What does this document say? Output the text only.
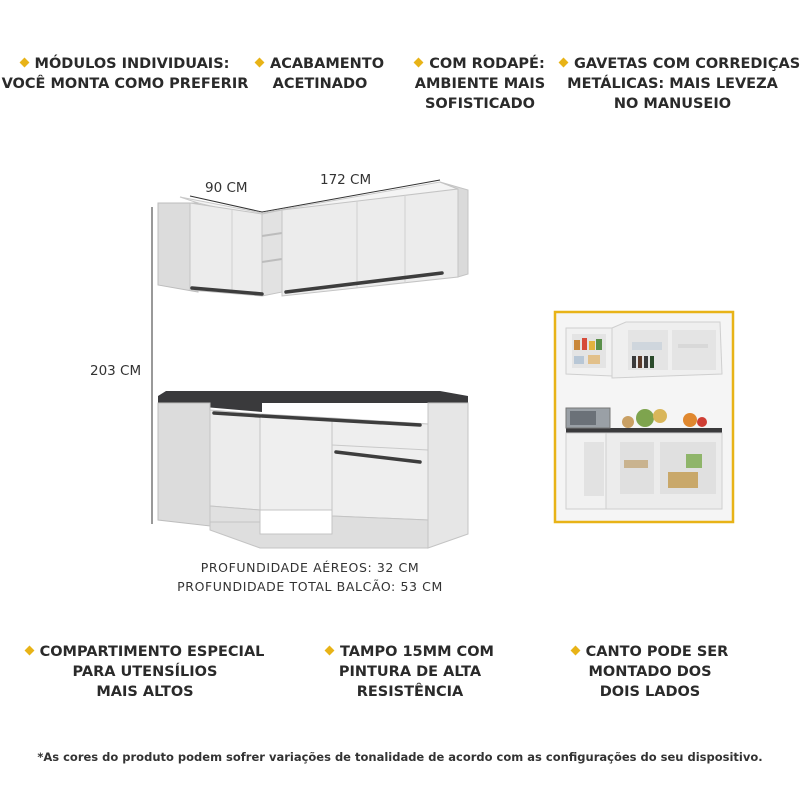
MÓDULOS INDIVIDUAIS:
VOCÊ MONTA COMO PREFERIR
ACABAMENTO
ACETINADO
COM RODAPÉ:
AMBIENTE MAIS
SOFISTICADO
GAVETAS COM CORREDIÇAS
METÁLICAS: MAIS LEVEZA
NO MANUSEIO
90 CM	172 CM
203 CM
PROFUNDIDADE AÉREOS: 32 CM
PROFUNDIDADE TOTAL BALCÃO: 53 CM
COMPARTIMENTO ESPECIAL
PARA UTENSÍLIOS
MAIS ALTOS
TAMPO 15MM COM
PINTURA DE ALTA
RESISTÊNCIA
CANTO PODE SER
MONTADO DOS
DOIS LADOS
*As cores do produto podem sofrer variações de tonalidade de acordo com as configurações do seu dispositivo.
